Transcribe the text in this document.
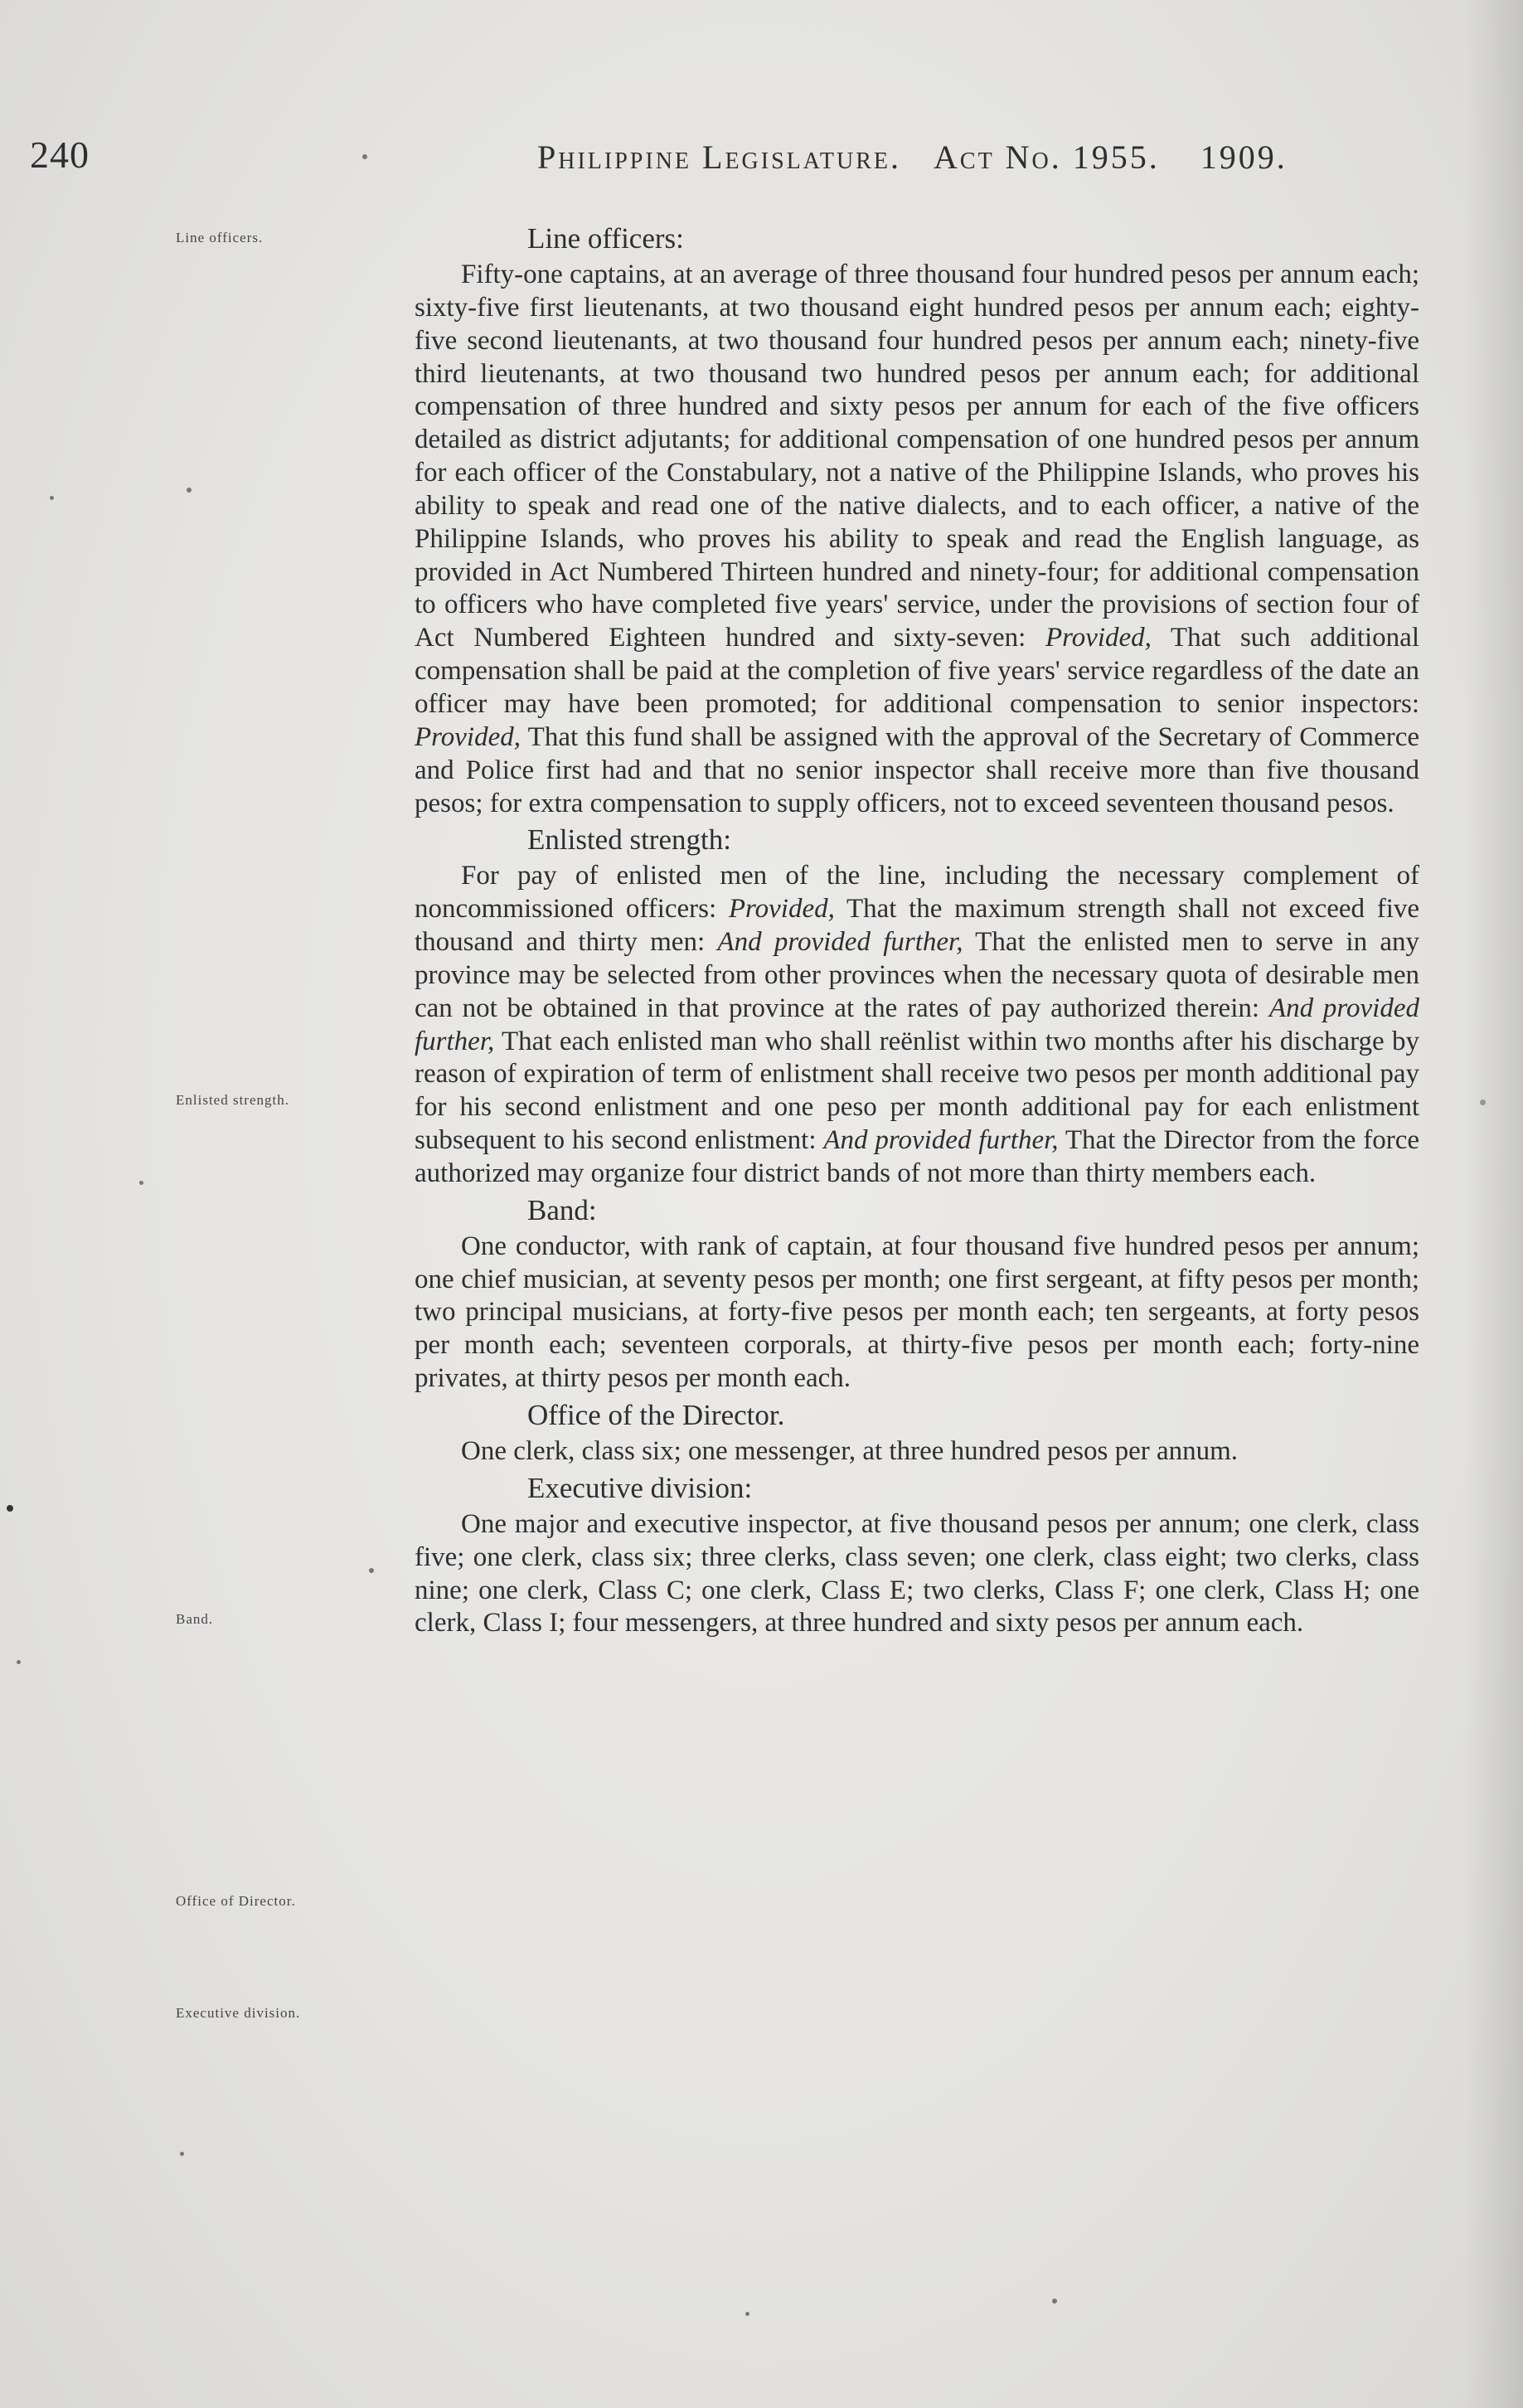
240	Philippine Legislature. Act No. 1955. 1909.
Line officers.
Enlisted strength.
Band.
Office of Director.
Executive division.
Line officers:

Fifty-one captains, at an average of three thousand four hundred pesos per annum each; sixty-five first lieutenants, at two thousand eight hundred pesos per annum each; eighty-five second lieutenants, at two thousand four hundred pesos per annum each; ninety-five third lieutenants, at two thousand two hundred pesos per annum each; for additional compensation of three hundred and sixty pesos per annum for each of the five officers detailed as district adjutants; for additional compensation of one hundred pesos per annum for each officer of the Constabulary, not a native of the Philippine Islands, who proves his ability to speak and read one of the native dialects, and to each officer, a native of the Philippine Islands, who proves his ability to speak and read the English language, as provided in Act Numbered Thirteen hundred and ninety-four; for additional compensation to officers who have completed five years' service, under the provisions of section four of Act Numbered Eighteen hundred and sixty-seven: Provided, That such additional compensation shall be paid at the completion of five years' service regardless of the date an officer may have been promoted; for additional compensation to senior inspectors: Provided, That this fund shall be assigned with the approval of the Secretary of Commerce and Police first had and that no senior inspector shall receive more than five thousand pesos; for extra compensation to supply officers, not to exceed seventeen thousand pesos.

Enlisted strength:

For pay of enlisted men of the line, including the necessary complement of noncommissioned officers: Provided, That the maximum strength shall not exceed five thousand and thirty men: And provided further, That the enlisted men to serve in any province may be selected from other provinces when the necessary quota of desirable men can not be obtained in that province at the rates of pay authorized therein: And provided further, That each enlisted man who shall reënlist within two months after his discharge by reason of expiration of term of enlistment shall receive two pesos per month additional pay for his second enlistment and one peso per month additional pay for each enlistment subsequent to his second enlistment: And provided further, That the Director from the force authorized may organize four district bands of not more than thirty members each.

Band:

One conductor, with rank of captain, at four thousand five hundred pesos per annum; one chief musician, at seventy pesos per month; one first sergeant, at fifty pesos per month; two principal musicians, at forty-five pesos per month each; ten sergeants, at forty pesos per month each; seventeen corporals, at thirty-five pesos per month each; forty-nine privates, at thirty pesos per month each.

Office of the Director.

One clerk, class six; one messenger, at three hundred pesos per annum.

Executive division:

One major and executive inspector, at five thousand pesos per annum; one clerk, class five; one clerk, class six; three clerks, class seven; one clerk, class eight; two clerks, class nine; one clerk, Class C; one clerk, Class E; two clerks, Class F; one clerk, Class H; one clerk, Class I; four messengers, at three hundred and sixty pesos per annum each.
